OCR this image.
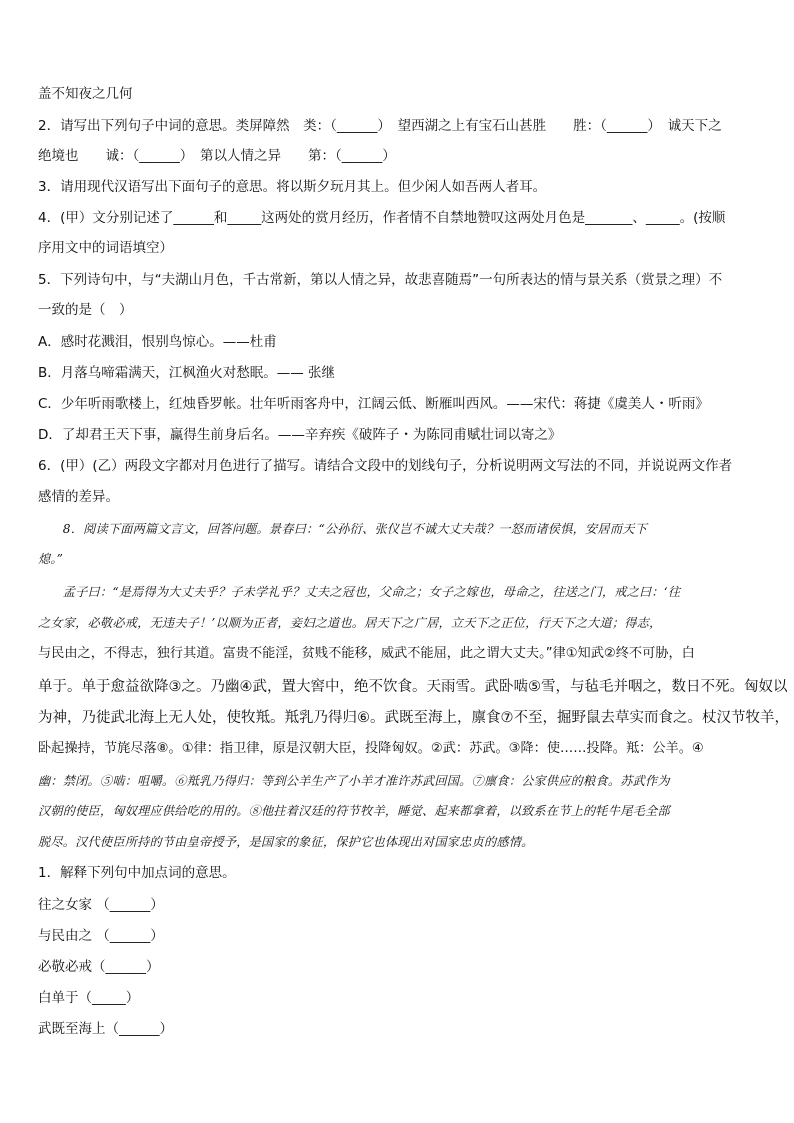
盖不知夜之几何
2．请写出下列句子中词的意思。类屏障然　类：（______）　望西湖之上有宝石山甚胜　　胜：（______）　诚天下之
绝境也　　诚：（______）　第以人情之异　　第：（______）
3．请用现代汉语写出下面句子的意思。将以斯夕玩月其上。但少闲人如吾两人者耳。
4．(甲）文分别记述了______和_____这两处的赏月经历，作者情不自禁地赞叹这两处月色是_______、_____。(按顺
序用文中的词语填空）
5．下列诗句中，与“夫湖山月色，千古常新，第以人情之异，故悲喜随焉”一句所表达的情与景关系（赏景之理）不
一致的是（　）
A．感时花溅泪，恨别鸟惊心。——杜甫
B．月落乌啼霜满天，江枫渔火对愁眠。—— 张继
C．少年听雨歌楼上，红烛昏罗帐。壮年听雨客舟中，江阔云低、断雁叫西风。——宋代：蒋捷《虞美人・听雨》
D．了却君王天下事，赢得生前身后名。——辛弃疾《破阵子・为陈同甫赋壮词以寄之》
6．(甲）(乙）两段文字都对月色进行了描写。请结合文段中的划线句子，分析说明两文写法的不同，并说说两文作者
感情的差异。
　　8．阅读下面两篇文言文，回答问题。景春曰：“公孙衍、张仪岂不诚大丈夫哉？一怒而诸侯惧，安居而天下
熄。”
　　孟子曰：“是焉得为大丈夫乎？子未学礼乎？丈夫之冠也，父命之；女子之嫁也，母命之，往送之门，戒之曰：‘往
之女家，必敬必戒，无违夫子！’以顺为正者，妾妇之道也。居天下之广居，立天下之正位，行天下之大道；得志，
与民由之，不得志，独行其道。富贵不能淫，贫贱不能移，威武不能屈，此之谓大丈夫。”律①知武②终不可胁，白
单于。单于愈益欲降③之。乃幽④武，置大窖中，绝不饮食。天雨雪。武卧啮⑤雪，与毡毛并咽之，数日不死。匈奴以
为神，乃徙武北海上无人处，使牧羝。羝乳乃得归⑥。武既至海上，廪食⑦不至，掘野鼠去草实而食之。杖汉节牧羊，
卧起操持，节旄尽落⑧。①律：指卫律，原是汉朝大臣，投降匈奴。②武：苏武。③降：使……投降。羝：公羊。④
幽：禁闭。⑤啮：咀嚼。⑥羝乳乃得归：等到公羊生产了小羊才准许苏武回国。⑦廪食：公家供应的粮食。苏武作为
汉朝的使臣，匈奴理应供给吃的用的。⑧他拄着汉廷的符节牧羊，睡觉、起来都拿着，以致系在节上的牦牛尾毛全部
脱尽。汉代使臣所持的节由皇帝授予，是国家的象征，保护它也体现出对国家忠贞的感情。
1．解释下列句中加点词的意思。
往之女家 （______）
与民由之 （______）
必敬必戒（______）
白单于（_____）
武既至海上（______）
